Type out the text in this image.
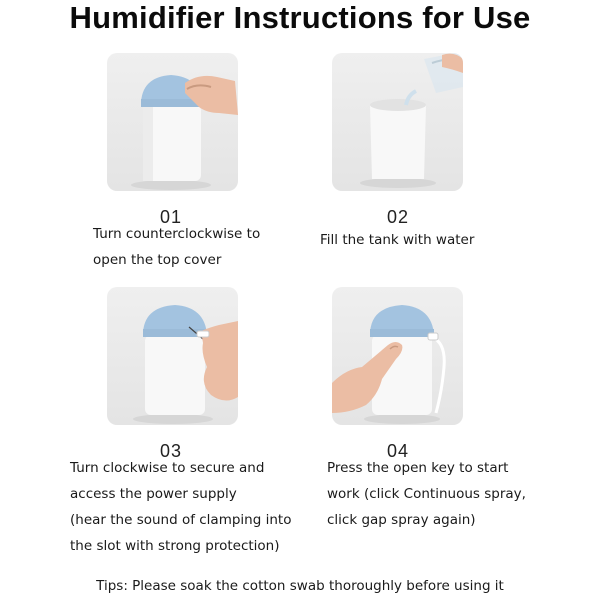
Humidifier Instructions for Use
01	02
Turn counterclockwise to
open the top cover
Fill the tank with water
03	04
Turn clockwise to secure and
access the power supply
(hear the sound of clamping into
the slot with strong protection)
Press the open key to start
work (click Continuous spray,
click gap spray again)
Tips: Please soak the cotton swab thoroughly before using it
